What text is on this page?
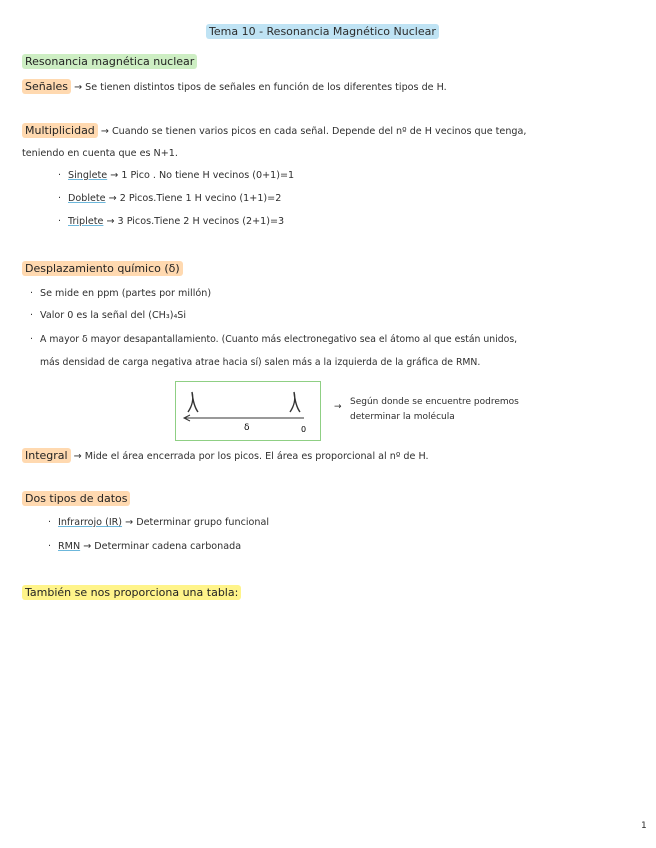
Tema 10 - Resonancia Magnético Nuclear
Resonancia magnética nuclear
Señales → Se tienen distintos tipos de señales en función de los diferentes tipos de H.
Multiplicidad → Cuando se tienen varios picos en cada señal. Depende del nº de H vecinos que tenga,
teniendo en cuenta que es N+1.
· Singlete → 1 Pico . No tiene H vecinos (0+1)=1
· Doblete → 2 Picos.Tiene 1 H vecino (1+1)=2
· Triplete → 3 Picos.Tiene 2 H vecinos (2+1)=3
Desplazamiento químico (δ)
· Se mide en ppm (partes por millón)
· Valor 0 es la señal del (CH₃)₄Si
· A mayor δ mayor desapantallamiento. (Cuanto más electronegativo sea el átomo al que están unidos,
más densidad de carga negativa atrae hacia sí) salen más a la izquierda de la gráfica de RMN.
δ	0
→ Según donde se encuentre podremos
determinar la molécula
Integral → Mide el área encerrada por los picos. El área es proporcional al nº de H.
Dos tipos de datos
· Infrarrojo (IR) → Determinar grupo funcional
· RMN → Determinar cadena carbonada
También se nos proporciona una tabla:
1
